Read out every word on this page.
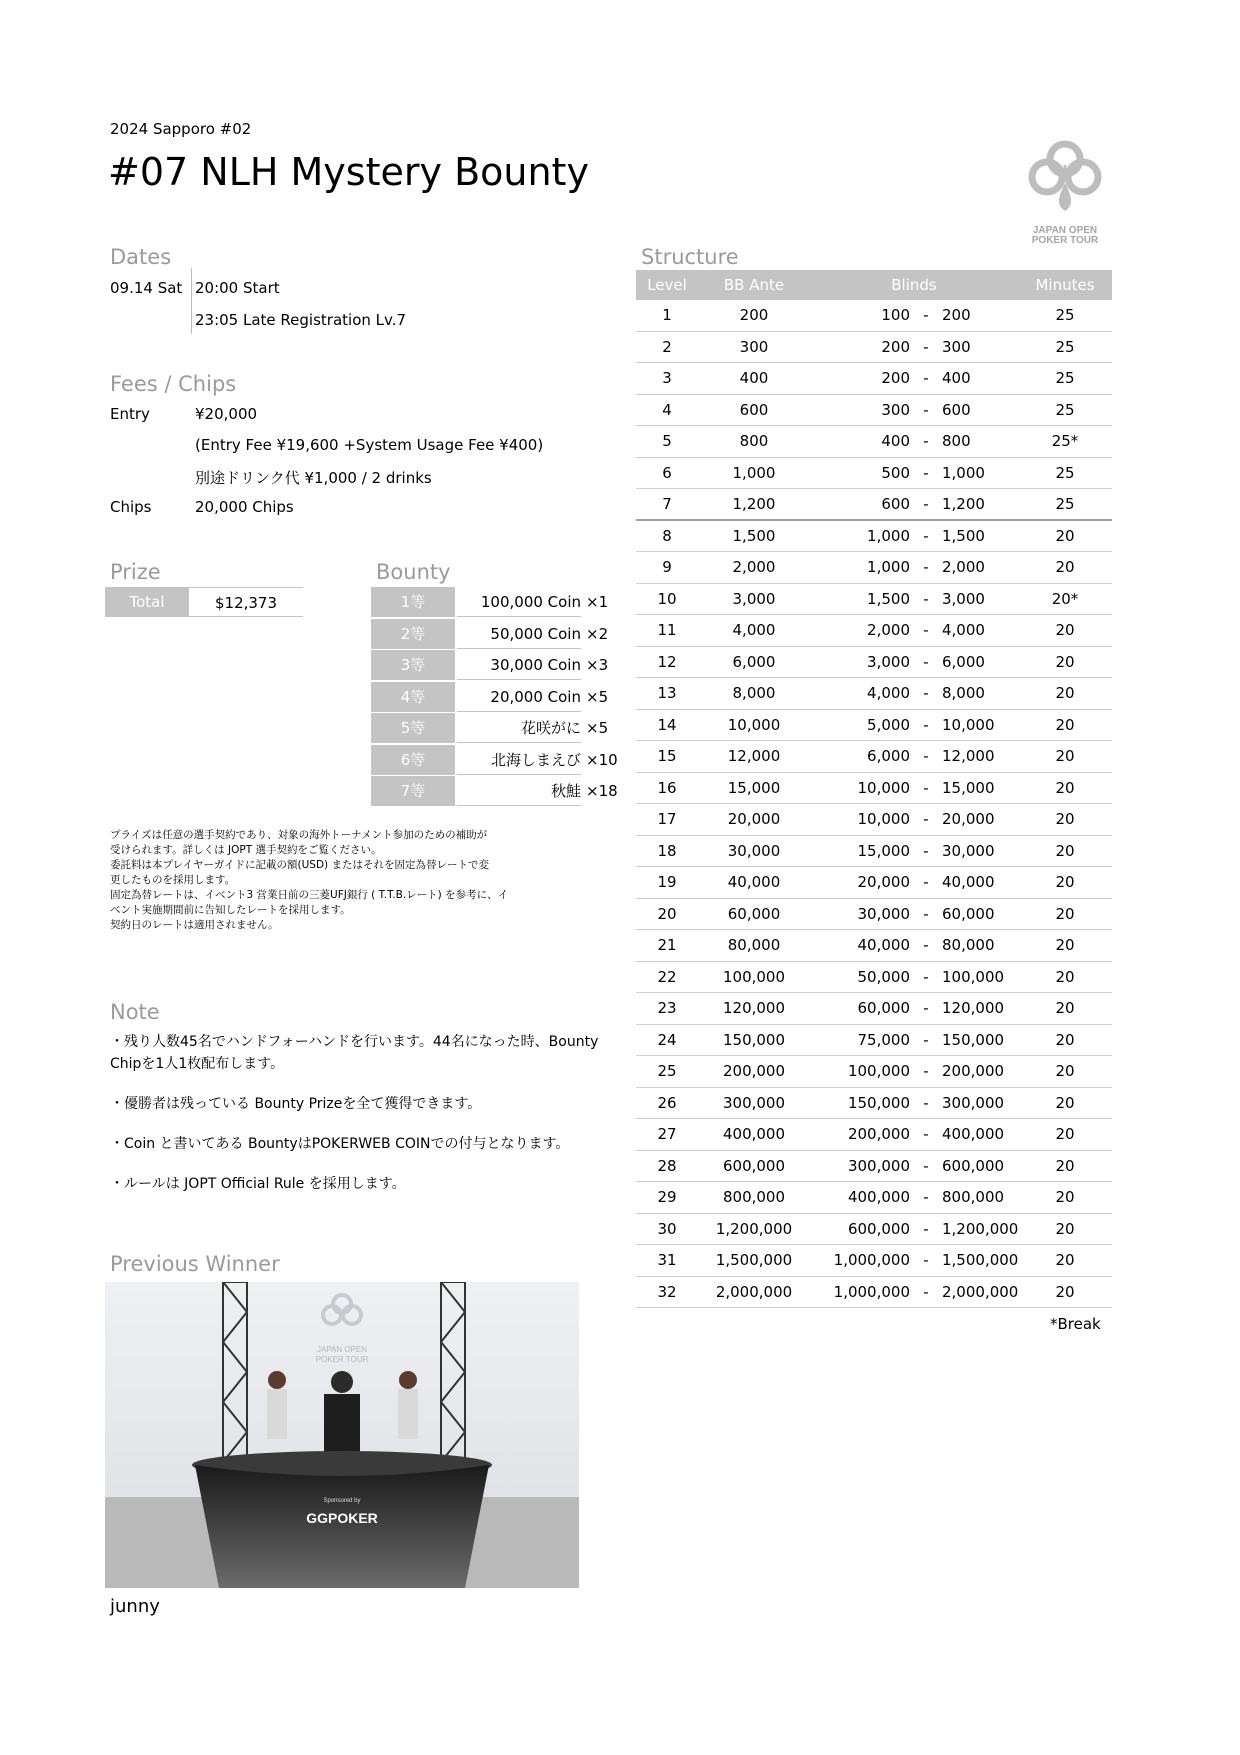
2024 Sapporo #02
#07 NLH Mystery Bounty
JAPAN OPEN
POKER TOUR
Dates
09.14 Sat 20:00 Start
23:05 Late Registration Lv.7
Fees / Chips
Entry	¥20,000
(Entry Fee ¥19,600 +System Usage Fee ¥400)
別途ドリンク代 ¥1,000 / 2 drinks
Chips	20,000 Chips
Prize
Total	$12,373
Bounty
1等	100,000 Coin ×1
2等	50,000 Coin ×2
3等	30,000 Coin ×3
4等	20,000 Coin ×5
5等	花咲がに ×5
6等	北海しまえび ×10
7等	秋鮭 ×18

プライズは任意の選手契約であり、対象の海外トーナメント参加のための補助が

受けられます。詳しくは JOPT 選手契約をご覧ください。

委託料は本プレイヤーガイドに記載の額(USD) またはそれを固定為替レートで変

更したものを採用します。

固定為替レートは、イベント3 営業日前の三菱UFJ銀行 ( T.T.B.レート) を参考に、イ

ベント実施期間前に告知したレートを採用します。

契約日のレートは適用されません。

Note

・残り人数45名でハンドフォーハンドを行います。44名になった時、Bounty Chipを1人1枚配布します。

・優勝者は残っている Bounty Prizeを全て獲得できます。

・Coin と書いてある BountyはPOKERWEB COINでの付与となります。

・ルールは JOPT Official Rule を採用します。

Previous Winner
JAPAN OPEN
POKER TOUR
Sponsored by
GGPOKER
junny
Structure
Level	BB Ante	Blinds	Minutes
1	200	100 - 200	25
2	300	200 - 300	25
3	400	200 - 400	25
4	600	300 - 600	25
5	800	400 - 800	25*
6	1,000	500 - 1,000	25
7	1,200	600 - 1,200	25
8	1,500	1,000 - 1,500	20
9	2,000	1,000 - 2,000	20
10	3,000	1,500 - 3,000	20*
11	4,000	2,000 - 4,000	20
12	6,000	3,000 - 6,000	20
13	8,000	4,000 - 8,000	20
14	10,000	5,000 - 10,000	20
15	12,000	6,000 - 12,000	20
16	15,000	10,000 - 15,000	20
17	20,000	10,000 - 20,000	20
18	30,000	15,000 - 30,000	20
19	40,000	20,000 - 40,000	20
20	60,000	30,000 - 60,000	20
21	80,000	40,000 - 80,000	20
22	100,000	50,000 - 100,000	20
23	120,000	60,000 - 120,000	20
24	150,000	75,000 - 150,000	20
25	200,000	100,000 - 200,000	20
26	300,000	150,000 - 300,000	20
27	400,000	200,000 - 400,000	20
28	600,000	300,000 - 600,000	20
29	800,000	400,000 - 800,000	20
30	1,200,000	600,000 - 1,200,000	20
31	1,500,000	1,000,000 - 1,500,000	20
32	2,000,000	1,000,000 - 2,000,000	20
*Break
